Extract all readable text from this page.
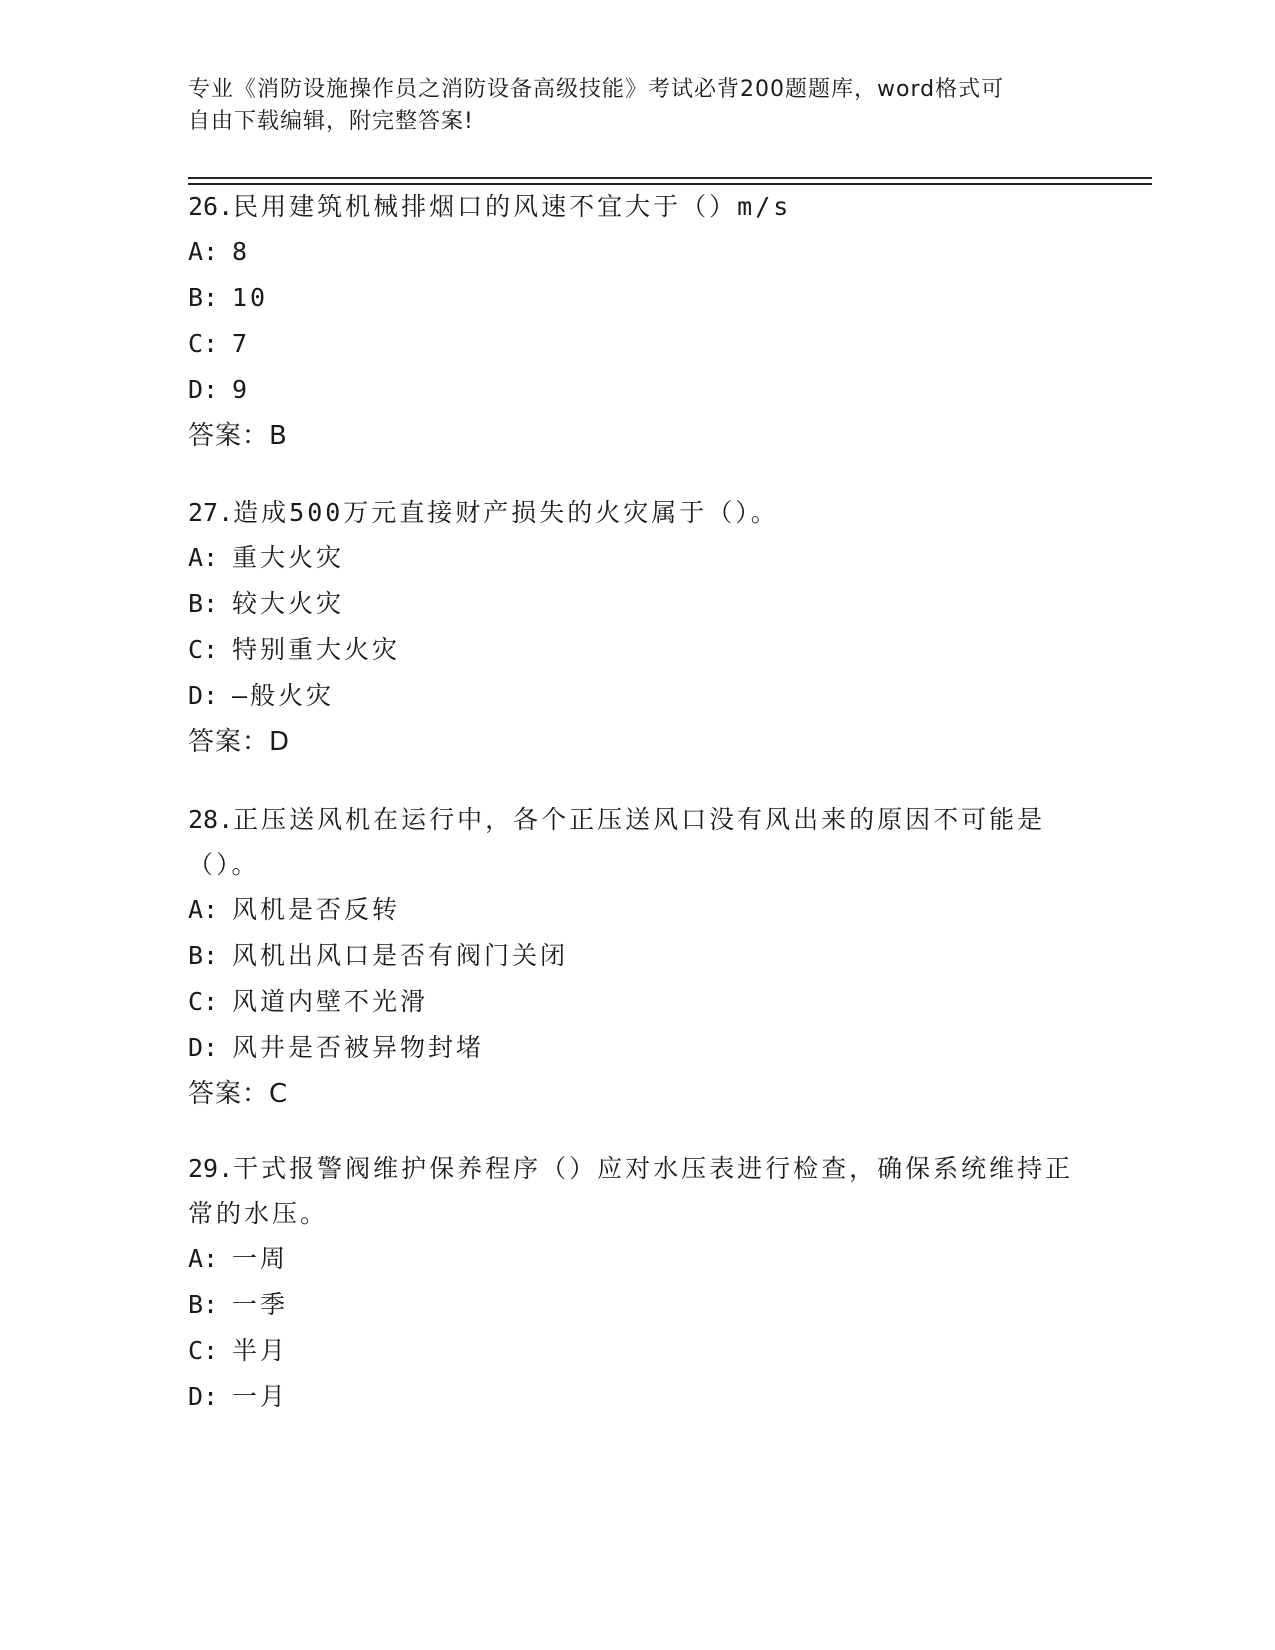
专业《消防设施操作员之消防设备高级技能》考试必背200题题库，word格式可
自由下载编辑，附完整答案!
26.民用建筑机械排烟口的风速不宜大于（）m/s
A: 8
B: 10
C: 7
D: 9
答案：B
27.造成500万元直接财产损失的火灾属于（）。
A: 重大火灾
B: 较大火灾
C: 特别重大火灾
D: —般火灾
答案：D
28.正压送风机在运行中，各个正压送风口没有风出来的原因不可能是（）。
A: 风机是否反转
B: 风机出风口是否有阀门关闭
C: 风道内壁不光滑
D: 风井是否被异物封堵
答案：C
29.干式报警阀维护保养程序（）应对水压表进行检查，确保系统维持正常的水压。
A: 一周
B: 一季
C: 半月
D: 一月
